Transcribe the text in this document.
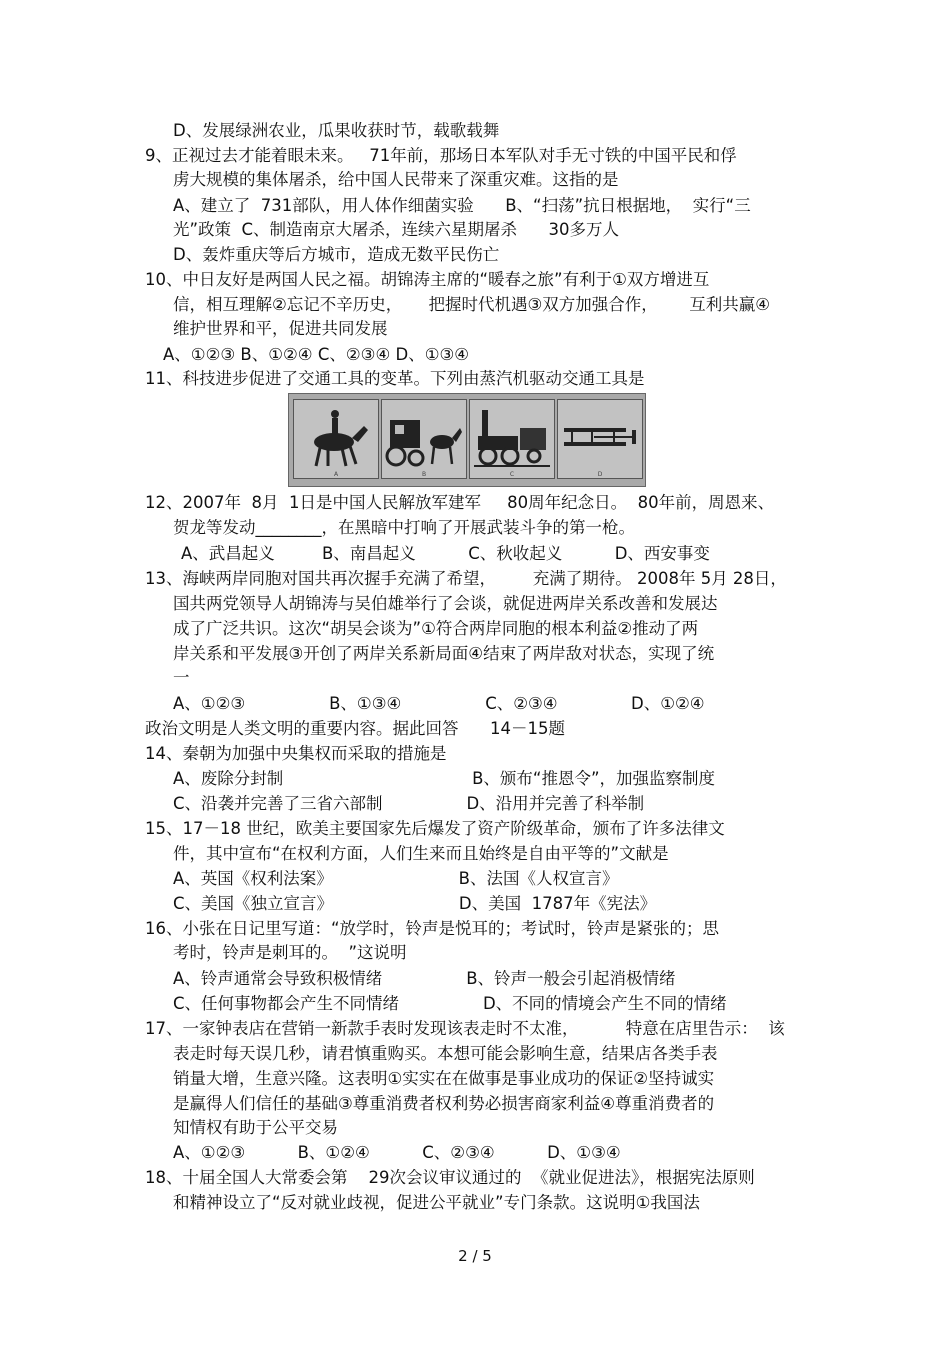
D、发展绿洲农业，瓜果收获时节，载歌载舞
9、正视过去才能着眼未来。   71年前，那场日本军队对手无寸铁的中国平民和俘
虏大规模的集体屠杀，给中国人民带来了深重灾难。这指的是
A、建立了  731部队，用人体作细菌实验      B、“扫荡”抗日根据地，  实行“三
光”政策  C、制造南京大屠杀，连续六星期屠杀      30多万人
D、轰炸重庆等后方城市，造成无数平民伤亡
10、中日友好是两国人民之福。胡锦涛主席的“暖春之旅”有利于①双方增进互
信，相互理解②忘记不辛历史，     把握时代机遇③双方加强合作，      互利共赢④
维护世界和平，促进共同发展
A、①②③ B、①②④ C、②③④ D、①③④
11、科技进步促进了交通工具的变革。下列由蒸汽机驱动交通工具是
A	B	C	D
12、2007年  8月  1日是中国人民解放军建军     80周年纪念日。  80年前，周恩来、
贺龙等发动________，在黑暗中打响了开展武装斗争的第一枪。
A、武昌起义         B、南昌起义          C、秋收起义          D、西安事变
13、海峡两岸同胞对国共再次握手充满了希望，       充满了期待。 2008年 5月 28日，
国共两党领导人胡锦涛与吴伯雄举行了会谈，就促进两岸关系改善和发展达
成了广泛共识。这次“胡吴会谈为”①符合两岸同胞的根本利益②推动了两
岸关系和平发展③开创了两岸关系新局面④结束了两岸敌对状态，实现了统
一
A、①②③                B、①③④                C、②③④              D、①②④
政治文明是人类文明的重要内容。据此回答      14－15题
14、秦朝为加强中央集权而采取的措施是
A、废除分封制                                    B、颁布“推恩令”，加强监察制度
C、沿袭并完善了三省六部制                D、沿用并完善了科举制
15、17－18 世纪，欧美主要国家先后爆发了资产阶级革命，颁布了许多法律文
件，其中宣布“在权利方面，人们生来而且始终是自由平等的”文献是
A、英国《权利法案》                        B、法国《人权宣言》
C、美国《独立宣言》                        D、美国  1787年《宪法》
16、小张在日记里写道：“放学时，铃声是悦耳的；考试时，铃声是紧张的；思
考时，铃声是刺耳的。  ”这说明
A、铃声通常会导致积极情绪                B、铃声一般会引起消极情绪
C、任何事物都会产生不同情绪                D、不同的情境会产生不同的情绪
17、一家钟表店在营销一新款手表时发现该表走时不太准，         特意在店里告示：  该
表走时每天误几秒，请君慎重购买。本想可能会影响生意，结果店各类手表
销量大增，生意兴隆。这表明①实实在在做事是事业成功的保证②坚持诚实
是赢得人们信任的基础③尊重消费者权利势必损害商家利益④尊重消费者的
知情权有助于公平交易
A、①②③          B、①②④          C、②③④          D、①③④
18、十届全国人大常委会第    29次会议审议通过的  《就业促进法》，根据宪法原则
和精神设立了“反对就业歧视，促进公平就业”专门条款。这说明①我国法
2 / 5
